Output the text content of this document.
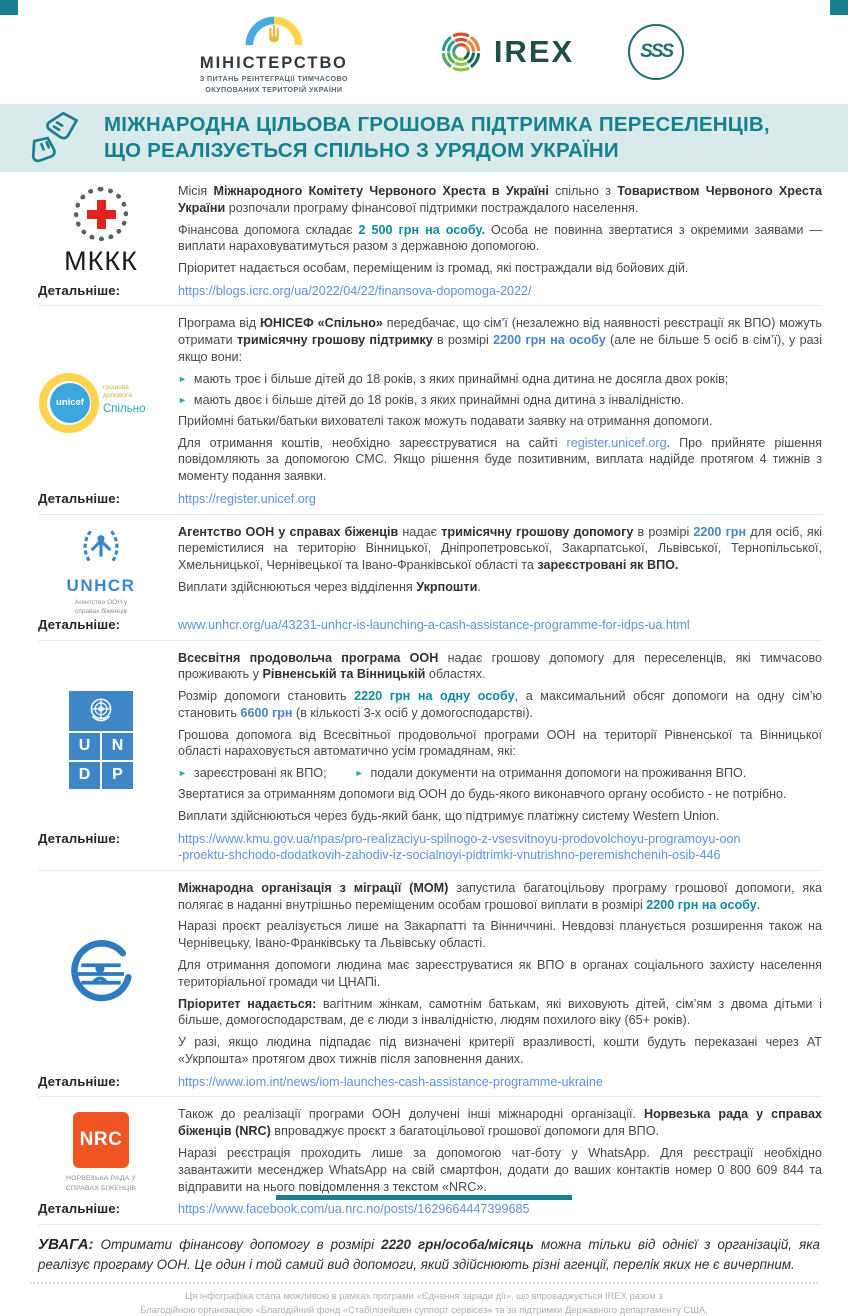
МІНІСТЕРСТВО
З ПИТАНЬ РЕІНТЕГРАЦІЇ ТИМЧАСОВО
ОКУПОВАНИХ ТЕРИТОРІЙ УКРАЇНИ
IREX	SSS
МІЖНАРОДНА ЦІЛЬОВА ГРОШОВА ПІДТРИМКА ПЕРЕСЕЛЕНЦІВ,
ЩО РЕАЛІЗУЄТЬСЯ СПІЛЬНО З УРЯДОМ УКРАЇНИ
МККК

Місія Міжнародного Комітету Червоного Хреста в Україні спільно з Товариством Червоного Хреста України розпочали програму фінансової підтримки постраждалого населення.

Фінансова допомога складає 2 500 грн на особу. Особа не повинна звертатися з окремими заявами — виплати нараховуватимуться разом з державною допомогою.

Пріоритет надається особам, переміщеним із громад, які постраждали від бойових дій.

Детальніше:	https://blogs.icrc.org/ua/2022/04/22/finansova-dopomoga-2022/
unicef
грошова допомога
Спільно

Програма від ЮНІСЕФ «Спільно» передбачає, що сім’ї (незалежно від наявності реєстрації як ВПО) можуть отримати тримісячну грошову підтримку в розмірі 2200 грн на особу (але не більше 5 осіб в сім’ї), у разі якщо вони:

► мають троє і більше дітей до 18 років, з яких принаймні одна дитина не досягла двох років;
► мають двоє і більше дітей до 18 років, з яких принаймні одна дитина з інвалідністю.

Прийомні батьки/батьки вихователі також можуть подавати заявку на отримання допомоги.

Для отримання коштів, необхідно зареєструватися на сайті register.unicef.org. Про прийняте рішення повідомляють за допомогою СМС. Якщо рішення буде позитивним, виплата надійде протягом 4 тижнів з моменту подання заявки.

Детальніше:	https://register.unicef.org
UNHCR
Агентство ООН у
справах біженців

Агентство ООН у справах біженців надає тримісячну грошову допомогу в розмірі 2200 грн для осіб, які перемістилися на територію Вінницької, Дніпропетровської, Закарпатської, Львівської, Тернопільської, Хмельницької, Чернівецької та Івано-Франківської області та зареєстровані як ВПО.

Виплати здійснюються через відділення Укрпошти.

Детальніше:	www.unhcr.org/ua/43231-unhcr-is-launching-a-cash-assistance-programme-for-idps-ua.html
U	N
D	P

Всесвітня продовольча програма ООН надає грошову допомогу для переселенців, які тимчасово проживають у Рівненській та Вінницькій областях.

Розмір допомоги становить 2220 грн на одну особу, а максимальний обсяг допомоги на одну сім’ю становить 6600 грн (в кількості 3-х осіб у домогосподарстві).

Грошова допомога від Всесвітньої продовольчої програми ООН на території Рівненської та Вінницької області нараховується автоматично усім громадянам, які:

► зареєстровані як ВПО;	► подали документи на отримання допомоги на проживання ВПО.

Звертатися за отриманням допомоги від ООН до будь-якого виконавчого органу особисто - не потрібно.

Виплати здійснюються через будь-який банк, що підтримує платіжну систему Western Union.

Детальніше:	https://www.kmu.gov.ua/npas/pro-realizaciyu-spilnogo-z-vsesvitnoyu-prodovolchoyu-programoyu-oon
-proektu-shchodo-dodatkovih-zahodiv-iz-socialnoyi-pidtrimki-vnutrishno-peremishchenih-osib-446

Міжнародна організація з міграції (МОМ) запустила багатоцільову програму грошової допомоги, яка полягає в наданні внутрішньо переміщеним особам грошової виплати в розмірі 2200 грн на особу.

Наразі проєкт реалізується лише на Закарпатті та Вінниччині. Невдовзі планується розширення також на Чернівецьку, Івано-Франківську та Львівську області.

Для отримання допомоги людина має зареєструватися як ВПО в органах соціального захисту населення територіальної громади чи ЦНАПі.

Пріоритет надається: вагітним жінкам, самотнім батькам, які виховують дітей, сім’ям з двома дітьми і більше, домогосподарствам, де є люди з інвалідністю, людям похилого віку (65+ років).

У разі, якщо людина підпадає під визначені критерії вразливості, кошти будуть переказані через АТ «Укрпошта» протягом двох тижнів після заповнення даних.

Детальніше:	https://www.iom.int/news/iom-launches-cash-assistance-programme-ukraine
NRC
НОРВЕЗЬКА РАДА У
СПРАВАХ БІЖЕНЦІВ

Також до реалізації програми ООН долучені інші міжнародні організації. Норвезька рада у справах біженців (NRC) впроваджує проєкт з багатоцільової грошової допомоги для ВПО.

Наразі реєстрація проходить лише за допомогою чат-боту у WhatsApp. Для реєстрації необхідно завантажити месенджер WhatsApp на свій смартфон, додати до ваших контактів номер 0 800 609 844 та відправити на нього повідомлення з текстом «NRC».

Детальніше:	https://www.facebook.com/ua.nrc.no/posts/1629664447399685
УВАГА: Отримати фінансову допомогу в розмірі 2220 грн/особа/місяць можна тільки від однієї з організацій, яка реалізує програму ООН. Це один і той самий вид допомоги, який здійснюють різні агенції, перелік яких не є вичерпним.
Ця інфографіка стала можливою в рамках програми «Єднання заради дії», що впроваджується IREX разом з
Благодійною організацією «Благодійний фонд «Стабілізейшен суппорт сервісез» та за підтримки Державного департаменту США.
